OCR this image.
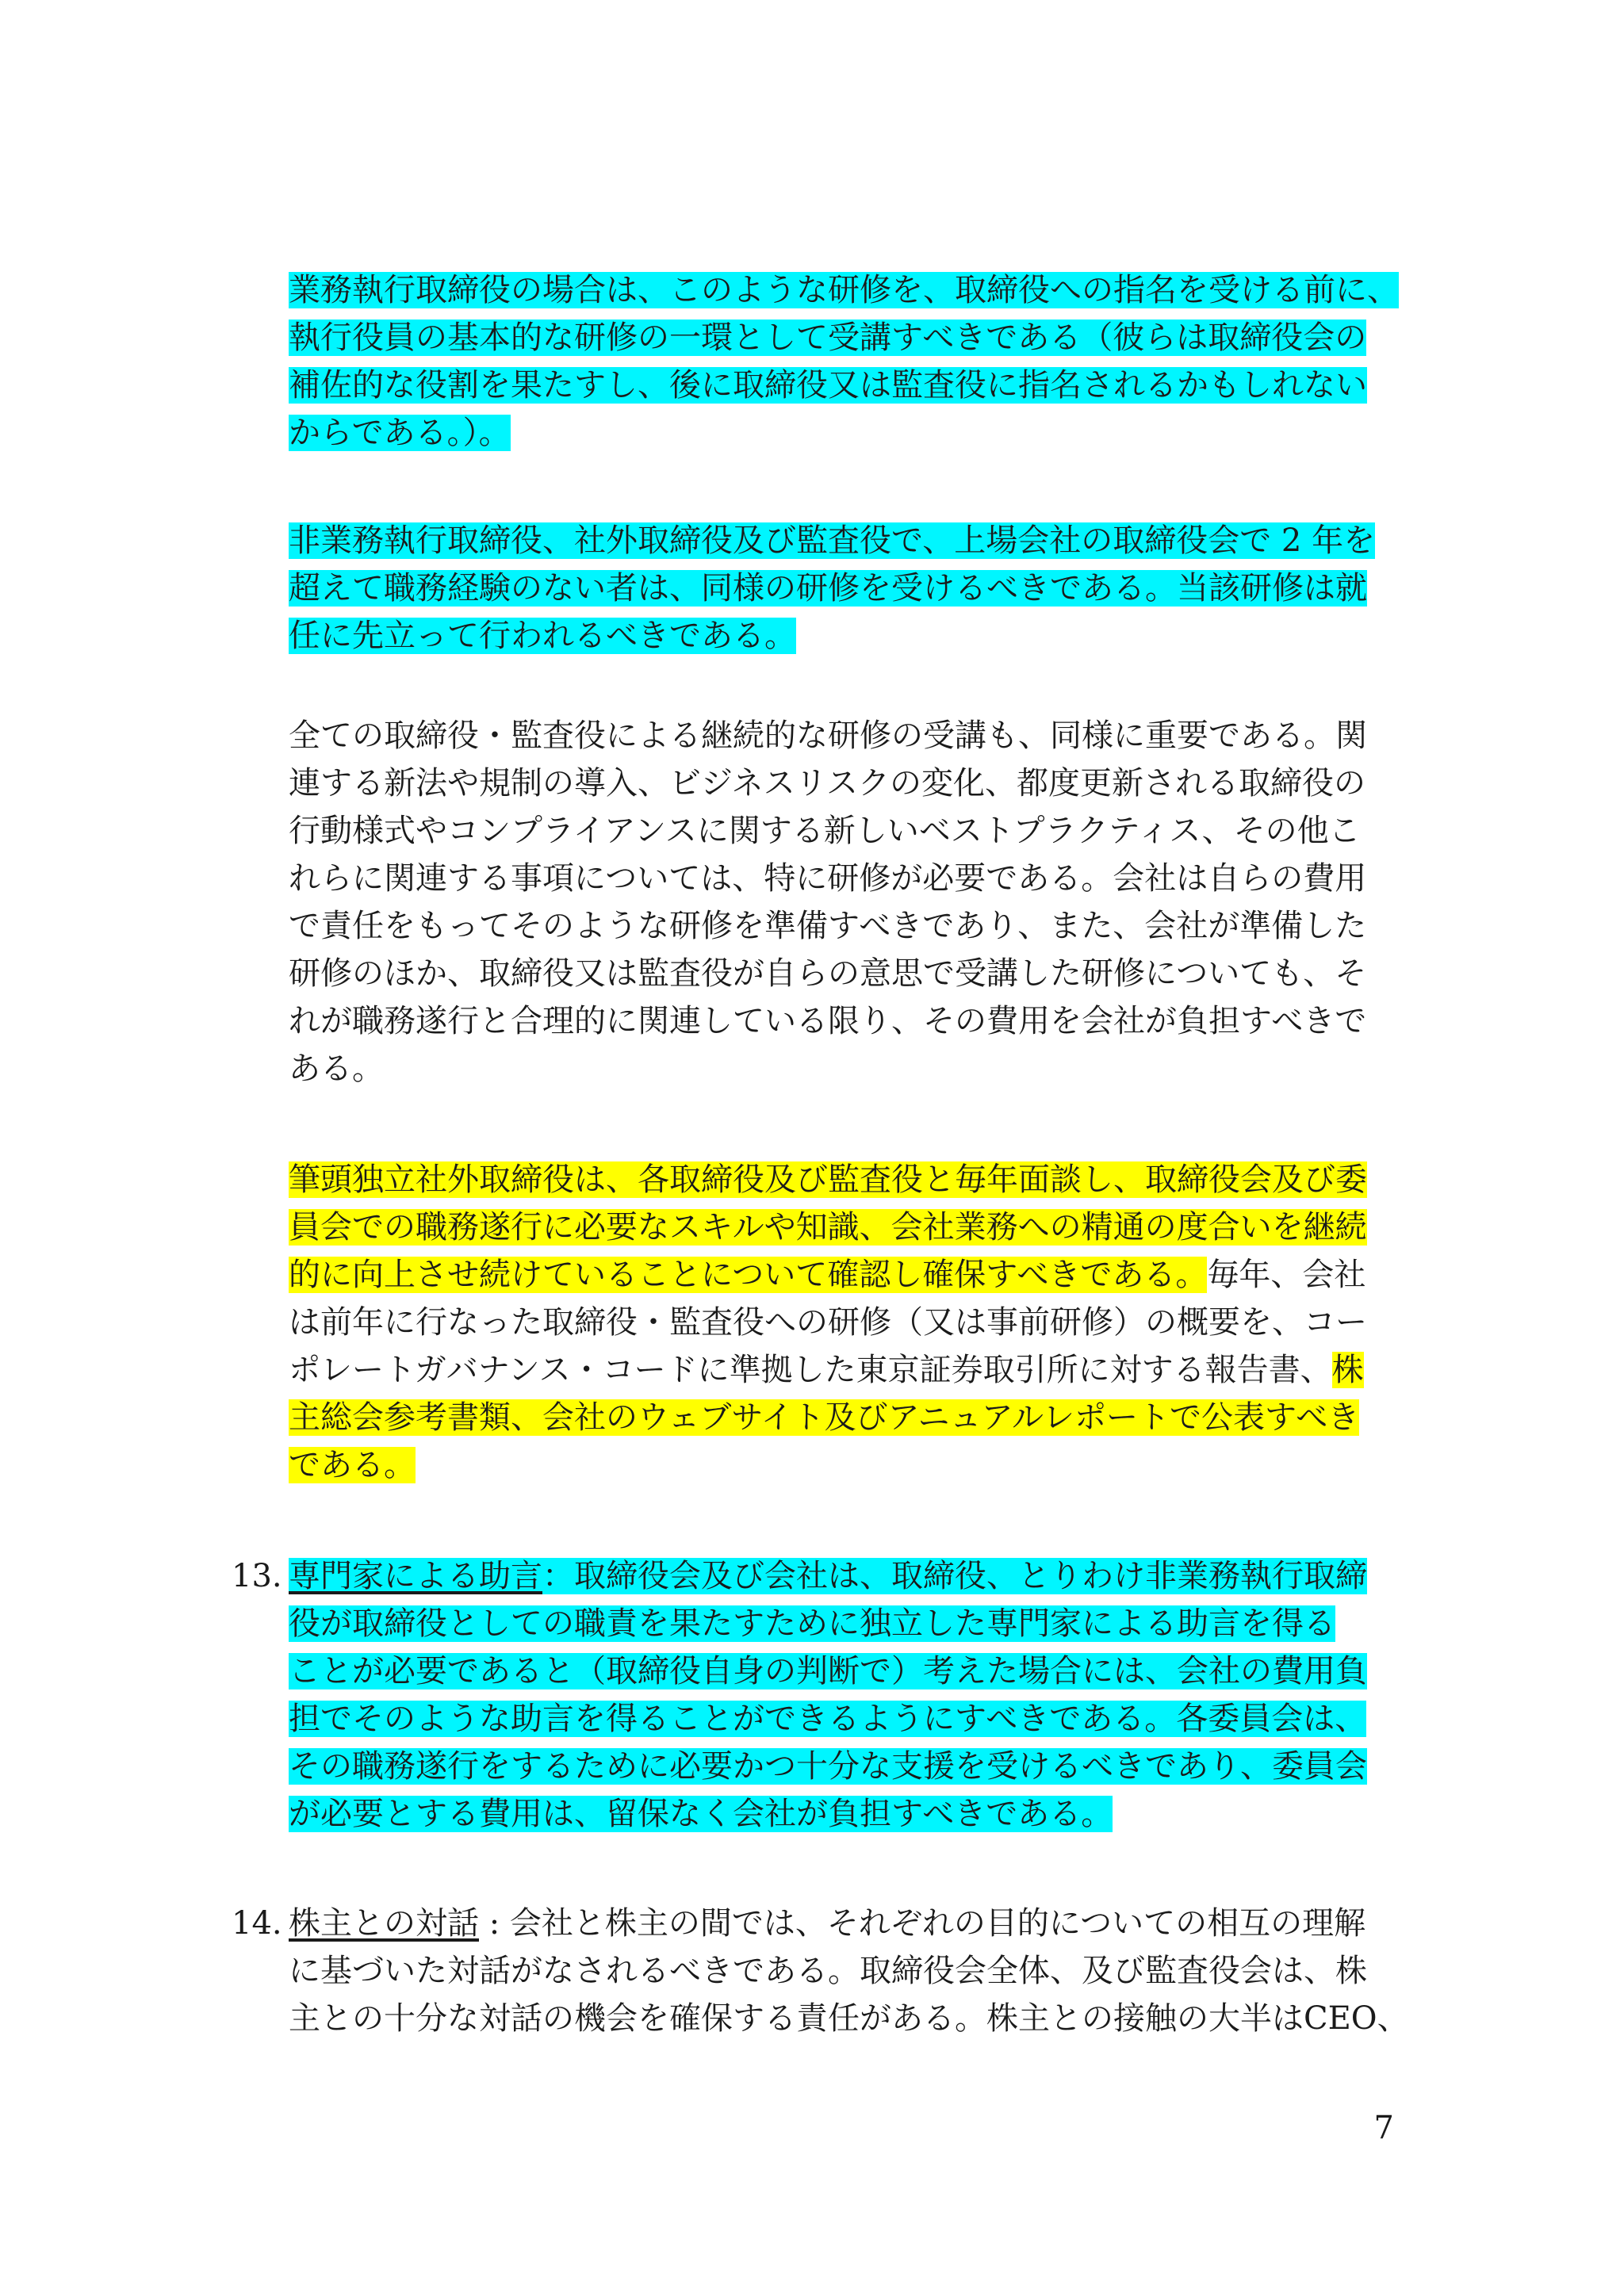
業務執行取締役の場合は、このような研修を、取締役への指名を受ける前に、
執行役員の基本的な研修の一環として受講すべきである（彼らは取締役会の
補佐的な役割を果たすし、後に取締役又は監査役に指名されるかもしれない
からである。）。
非業務執行取締役、社外取締役及び監査役で、上場会社の取締役会で 2 年を
超えて職務経験のない者は、同様の研修を受けるべきである。当該研修は就
任に先立って行われるべきである。
全ての取締役・監査役による継続的な研修の受講も、同様に重要である。関
連する新法や規制の導入、ビジネスリスクの変化、都度更新される取締役の
行動様式やコンプライアンスに関する新しいベストプラクティス、その他こ
れらに関連する事項については、特に研修が必要である。会社は自らの費用
で責任をもってそのような研修を準備すべきであり、また、会社が準備した
研修のほか、取締役又は監査役が自らの意思で受講した研修についても、そ
れが職務遂行と合理的に関連している限り、その費用を会社が負担すべきで
ある。
筆頭独立社外取締役は、各取締役及び監査役と毎年面談し、取締役会及び委
員会での職務遂行に必要なスキルや知識、会社業務への精通の度合いを継続
的に向上させ続けていることについて確認し確保すべきである。毎年、会社
は前年に行なった取締役・監査役への研修（又は事前研修）の概要を、コー
ポレートガバナンス・コードに準拠した東京証券取引所に対する報告書、株
主総会参考書類、会社のウェブサイト及びアニュアルレポートで公表すべき
である。
13. 専門家による助言：取締役会及び会社は、取締役、とりわけ非業務執行取締
役が取締役としての職責を果たすために独立した専門家による助言を得る
ことが必要であると（取締役自身の判断で）考えた場合には、会社の費用負
担でそのような助言を得ることができるようにすべきである。各委員会は、
その職務遂行をするために必要かつ十分な支援を受けるべきであり、委員会
が必要とする費用は、留保なく会社が負担すべきである。
14. 株主との対話 : 会社と株主の間では、それぞれの目的についての相互の理解
に基づいた対話がなされるべきである。取締役会全体、及び監査役会は、株
主との十分な対話の機会を確保する責任がある。株主との接触の大半はCEO、
7
